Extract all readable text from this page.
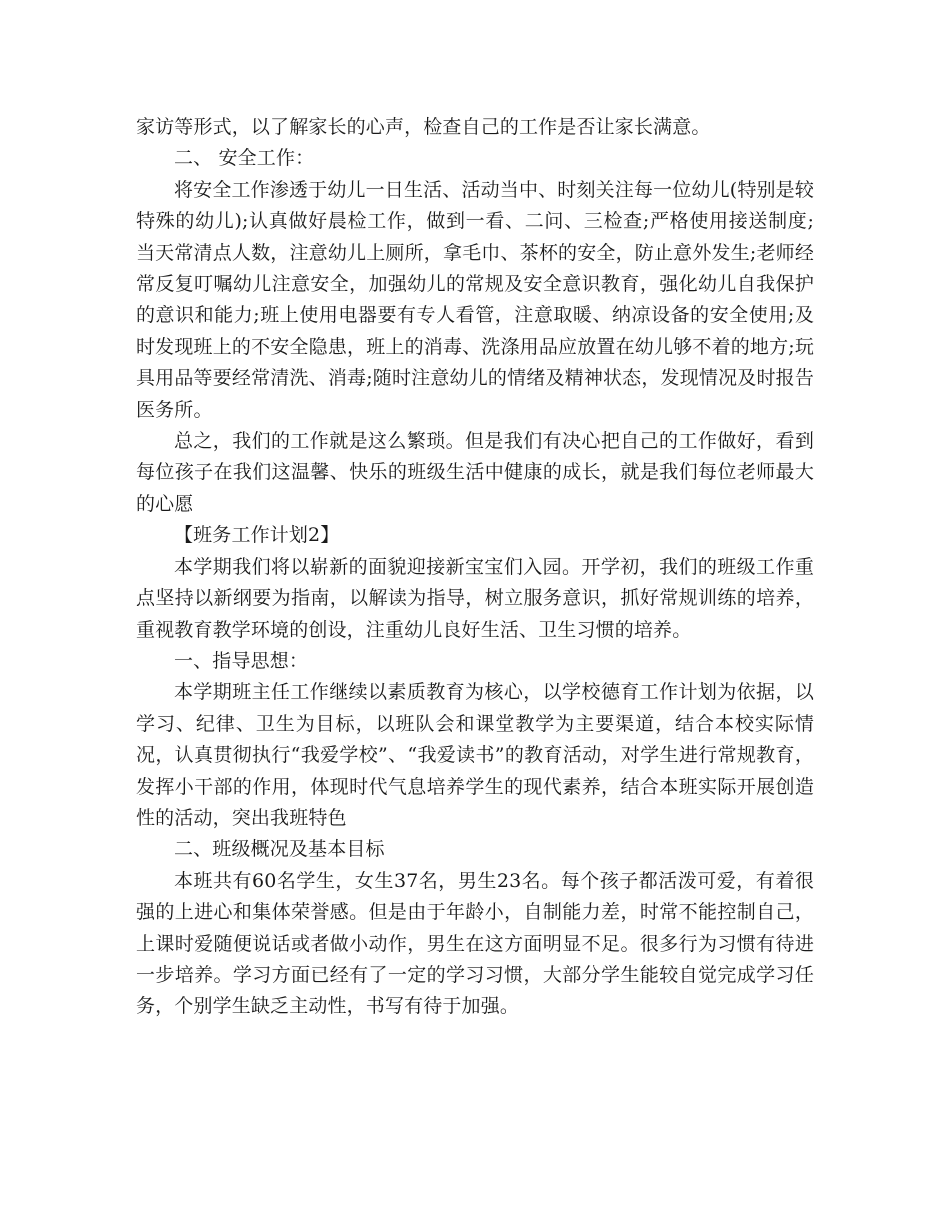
家访等形式，以了解家长的心声，检查自己的工作是否让家长满意。

二、 安全工作：

将安全工作渗透于幼儿一日生活、活动当中、时刻关注每一位幼儿(特别是较特殊的幼儿);认真做好晨检工作，做到一看、二问、三检查;严格使用接送制度;当天常清点人数，注意幼儿上厕所，拿毛巾、茶杯的安全，防止意外发生;老师经常反复叮嘱幼儿注意安全，加强幼儿的常规及安全意识教育，强化幼儿自我保护的意识和能力;班上使用电器要有专人看管，注意取暖、纳凉设备的安全使用;及时发现班上的不安全隐患，班上的消毒、洗涤用品应放置在幼儿够不着的地方;玩具用品等要经常清洗、消毒;随时注意幼儿的情绪及精神状态，发现情况及时报告医务所。

总之，我们的工作就是这么繁琐。但是我们有决心把自己的工作做好，看到每位孩子在我们这温馨、快乐的班级生活中健康的成长，就是我们每位老师最大的心愿

【班务工作计划2】

本学期我们将以崭新的面貌迎接新宝宝们入园。开学初，我们的班级工作重点坚持以新纲要为指南，以解读为指导，树立服务意识，抓好常规训练的培养，重视教育教学环境的创设，注重幼儿良好生活、卫生习惯的培养。

一、指导思想：

本学期班主任工作继续以素质教育为核心，以学校德育工作计划为依据，以学习、纪律、卫生为目标，以班队会和课堂教学为主要渠道，结合本校实际情况，认真贯彻执行“我爱学校”、“我爱读书”的教育活动，对学生进行常规教育，发挥小干部的作用，体现时代气息培养学生的现代素养，结合本班实际开展创造性的活动，突出我班特色

二、班级概况及基本目标

本班共有60名学生，女生37名，男生23名。每个孩子都活泼可爱，有着很强的上进心和集体荣誉感。但是由于年龄小，自制能力差，时常不能控制自己，上课时爱随便说话或者做小动作，男生在这方面明显不足。很多行为习惯有待进一步培养。学习方面已经有了一定的学习习惯，大部分学生能较自觉完成学习任务，个别学生缺乏主动性，书写有待于加强。
